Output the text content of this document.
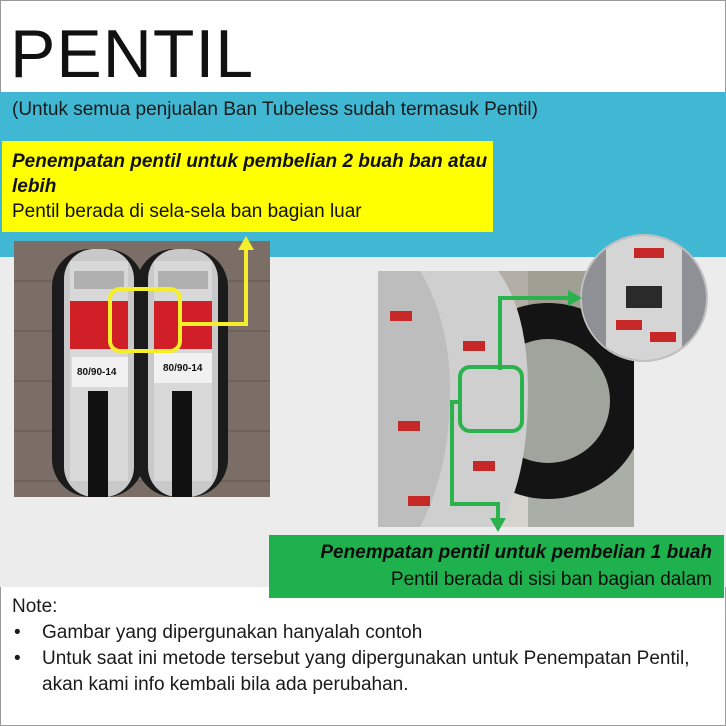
PENTIL
(Untuk semua penjualan Ban Tubeless sudah termasuk Pentil)
80/90-14	80/90-14
Penempatan pentil untuk pembelian 2 buah ban atau lebih
Pentil berada di sela-sela ban bagian luar
Penempatan pentil untuk pembelian 1 buah
Pentil berada di sisi ban bagian dalam
Note:
• Gambar yang dipergunakan hanyalah contoh
• Untuk saat ini metode tersebut yang dipergunakan untuk Penempatan Pentil, akan kami info kembali bila ada perubahan.
